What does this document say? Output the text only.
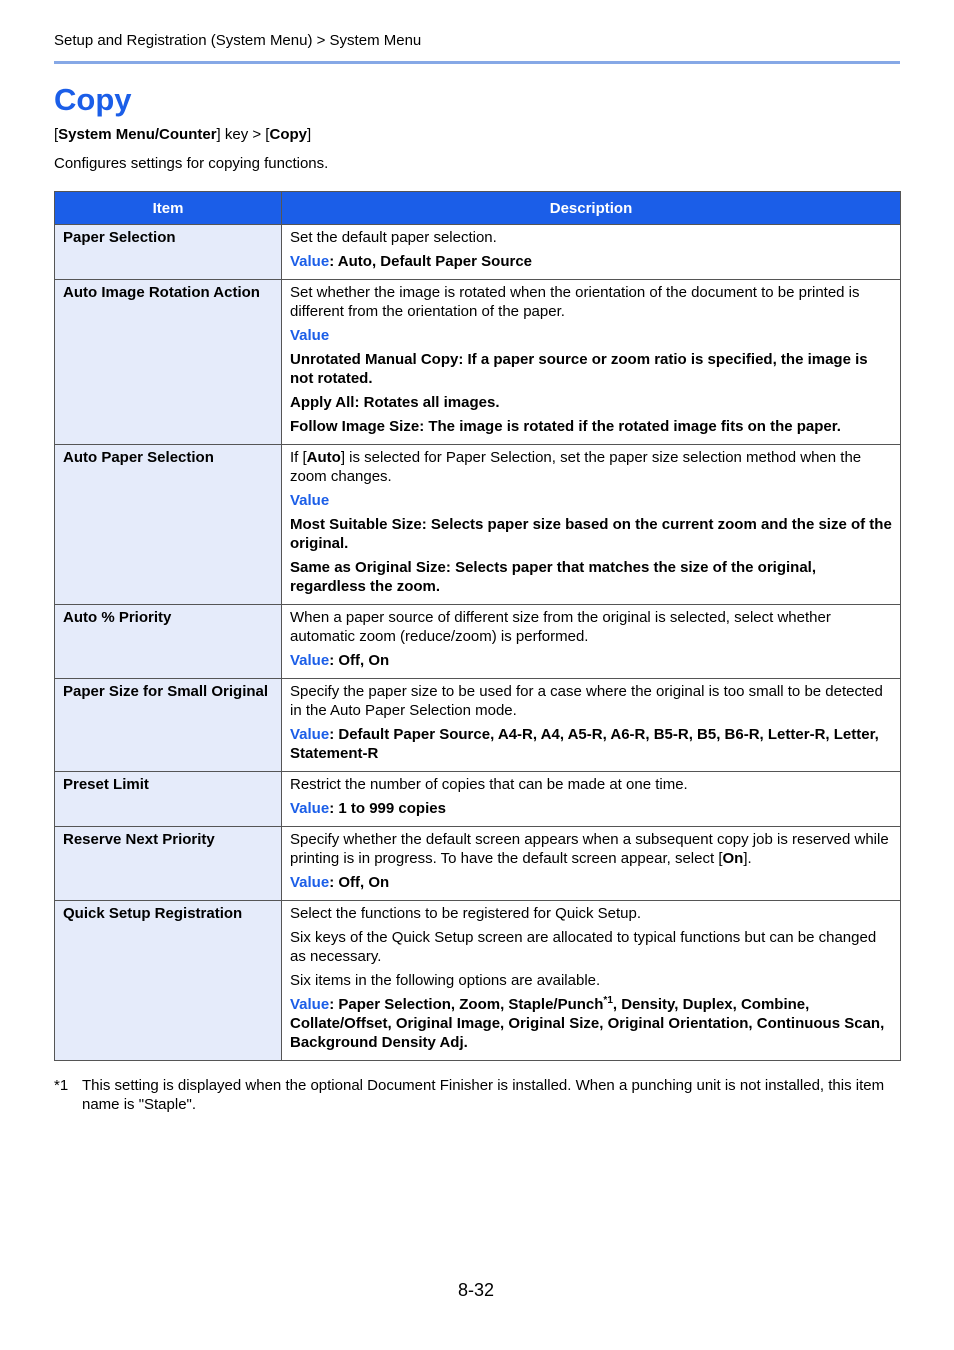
Setup and Registration (System Menu) > System Menu
Copy
[System Menu/Counter] key > [Copy]
Configures settings for copying functions.
Item	Description
Paper Selection	Set the default paper selection.

Value: Auto, Default Paper Source

Auto Image Rotation Action	Set whether the image is rotated when the orientation of the document to be printed is different from the orientation of the paper.

Value

Unrotated Manual Copy: If a paper source or zoom ratio is specified, the image is not rotated.

Apply All: Rotates all images.

Follow Image Size: The image is rotated if the rotated image fits on the paper.

Auto Paper Selection	If [Auto] is selected for Paper Selection, set the paper size selection method when the zoom changes.

Value

Most Suitable Size: Selects paper size based on the current zoom and the size of the original.

Same as Original Size: Selects paper that matches the size of the original, regardless the zoom.

Auto % Priority	When a paper source of different size from the original is selected, select whether automatic zoom (reduce/zoom) is performed.

Value: Off, On

Paper Size for Small Original	Specify the paper size to be used for a case where the original is too small to be detected in the Auto Paper Selection mode.

Value: Default Paper Source, A4-R, A4, A5-R, A6-R, B5-R, B5, B6-R, Letter-R, Letter, Statement-R

Preset Limit	Restrict the number of copies that can be made at one time.

Value: 1 to 999 copies

Reserve Next Priority	Specify whether the default screen appears when a subsequent copy job is reserved while printing is in progress. To have the default screen appear, select [On].

Value: Off, On

Quick Setup Registration	Select the functions to be registered for Quick Setup.

Six keys of the Quick Setup screen are allocated to typical functions but can be changed as necessary.

Six items in the following options are available.

Value: Paper Selection, Zoom, Staple/Punch$^{*1}$, Density, Duplex, Combine, Collate/Offset, Original Image, Original Size, Original Orientation, Continuous Scan, Background Density Adj.

*1 This setting is displayed when the optional Document Finisher is installed. When a punching unit is not installed, this item name is "Staple".
8-32
